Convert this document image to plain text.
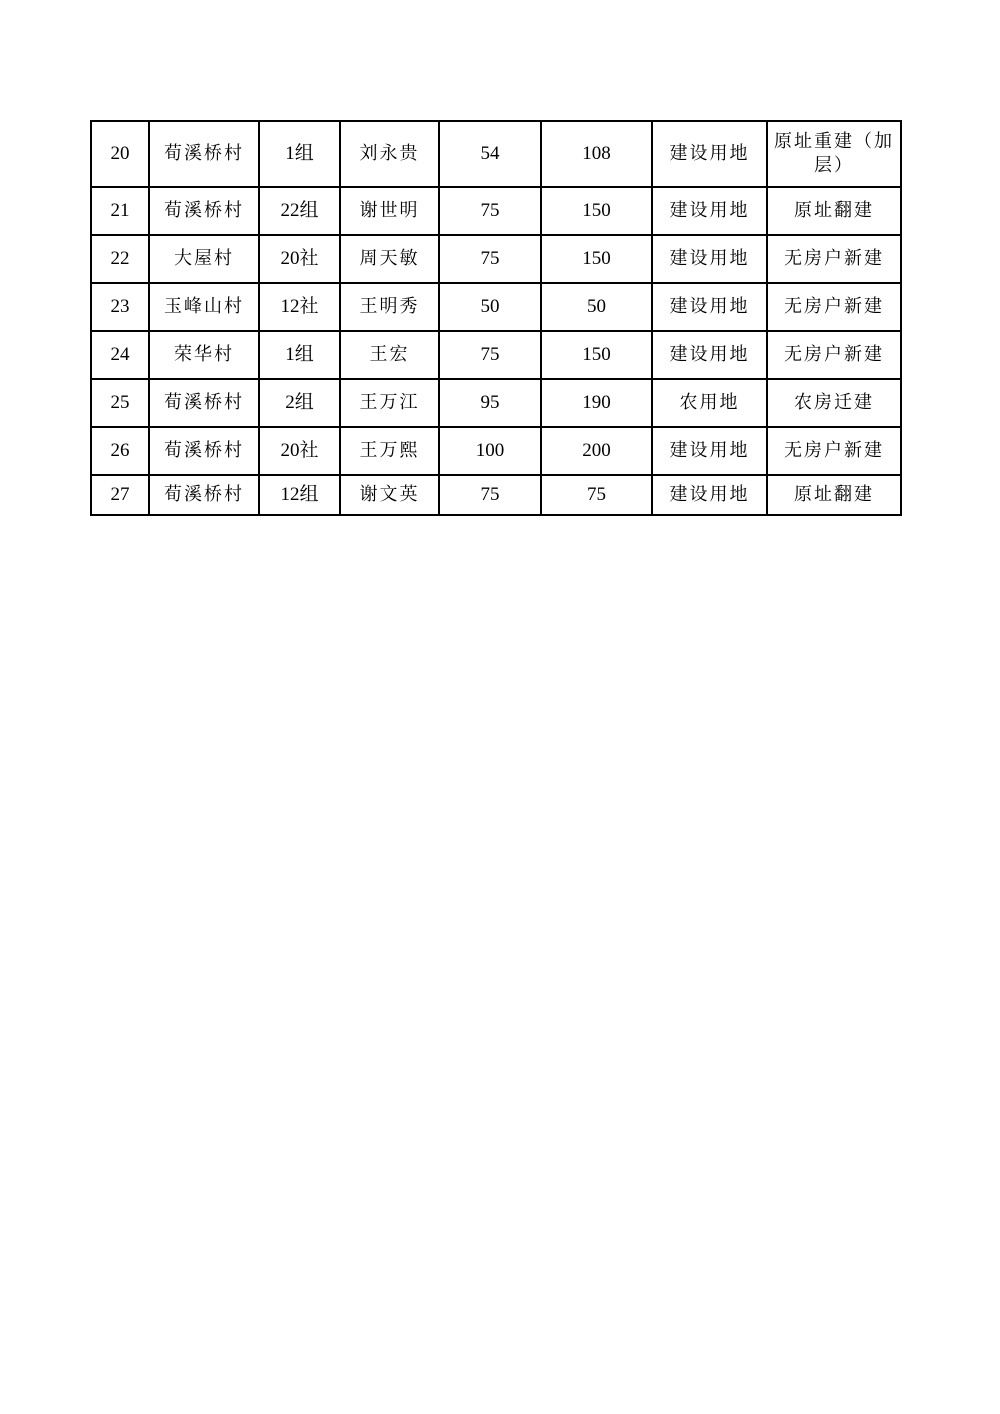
20	荀溪桥村	1组	刘永贵	54	108	建设用地	原址重建（加层）
21	荀溪桥村	22组	谢世明	75	150	建设用地	原址翻建
22	大屋村	20社	周天敏	75	150	建设用地	无房户新建
23	玉峰山村	12社	王明秀	50	50	建设用地	无房户新建
24	荣华村	1组	王宏	75	150	建设用地	无房户新建
25	荀溪桥村	2组	王万江	95	190	农用地	农房迁建
26	荀溪桥村	20社	王万熙	100	200	建设用地	无房户新建
27	荀溪桥村	12组	谢文英	75	75	建设用地	原址翻建
